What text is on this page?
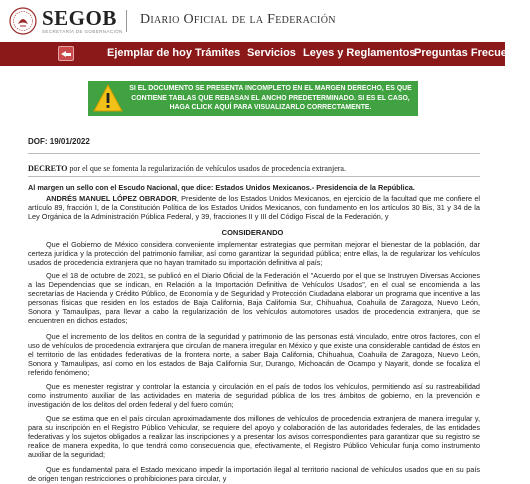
SEGOB
SECRETARÍA DE GOBERNACIÓN
Diario Oficial de la Federación
Ejemplar de hoy Trámites Servicios Leyes y Reglamentos
Preguntas Frecuentes
SI EL DOCUMENTO SE PRESENTA INCOMPLETO EN EL MARGEN DERECHO, ES QUE CONTIENE TABLAS QUE REBASAN EL ANCHO PREDETERMINADO. SI ES EL CASO, HAGA CLICK AQUÍ PARA VISUALIZARLO CORRECTAMENTE.
DOF: 19/01/2022
DECRETO por el que se fomenta la regularización de vehículos usados de procedencia extranjera.
Al margen un sello con el Escudo Nacional, que dice: Estados Unidos Mexicanos.- Presidencia de la República.
ANDRÉS MANUEL LÓPEZ OBRADOR, Presidente de los Estados Unidos Mexicanos, en ejercicio de la facultad que me confiere el artículo 89, fracción I, de la Constitución Política de los Estados Unidos Mexicanos, con fundamento en los artículos 30 Bis, 31 y 34 de la Ley Orgánica de la Administración Pública Federal, y 39, fracciones II y III del Código Fiscal de la Federación, y
CONSIDERANDO
Que el Gobierno de México considera conveniente implementar estrategias que permitan mejorar el bienestar de la población, dar certeza jurídica y la protección del patrimonio familiar, así como garantizar la seguridad pública; entre ellas, la de regularizar los vehículos usados de procedencia extranjera que no hayan tramitado su importación definitiva al país;
Que el 18 de octubre de 2021, se publicó en el Diario Oficial de la Federación el "Acuerdo por el que se Instruyen Diversas Acciones a las Dependencias que se indican, en Relación a la Importación Definitiva de Vehículos Usados", en el cual se encomienda a las secretarías de Hacienda y Crédito Público, de Economía y de Seguridad y Protección Ciudadana elaborar un programa que incentive a las personas físicas que residen en los estados de Baja California, Baja California Sur, Chihuahua, Coahuila de Zaragoza, Nuevo León, Sonora y Tamaulipas, para llevar a cabo la regularización de los vehículos automotores usados de procedencia extranjera, que se encuentren en dichos estados;
Que el incremento de los delitos en contra de la seguridad y patrimonio de las personas está vinculado, entre otros factores, con el uso de vehículos de procedencia extranjera que circulan de manera irregular en México y que existe una considerable cantidad de éstos en el territorio de las entidades federativas de la frontera norte, a saber Baja California, Chihuahua, Coahuila de Zaragoza, Nuevo León, Sonora y Tamaulipas, así como en los estados de Baja California Sur, Durango, Michoacán de Ocampo y Nayarit, donde se focaliza el referido fenómeno;
Que es menester registrar y controlar la estancia y circulación en el país de todos los vehículos, permitiendo así su rastreabilidad como instrumento auxiliar de las actividades en materia de seguridad pública de los tres ámbitos de gobierno, en la prevención e investigación de los delitos del orden federal y del fuero común;
Que se estima que en el país circulan aproximadamente dos millones de vehículos de procedencia extranjera de manera irregular y, para su inscripción en el Registro Público Vehicular, se requiere del apoyo y colaboración de las autoridades federales, de las entidades federativas y los sujetos obligados a realizar las inscripciones y a presentar los avisos correspondientes para garantizar que su registro se realice de manera expedita, lo que tendrá como consecuencia que, efectivamente, el Registro Público Vehicular funja como instrumento auxiliar de la seguridad;
Que es fundamental para el Estado mexicano impedir la importación ilegal al territorio nacional de vehículos usados que en su país de origen tengan restricciones o prohibiciones para circular, y
